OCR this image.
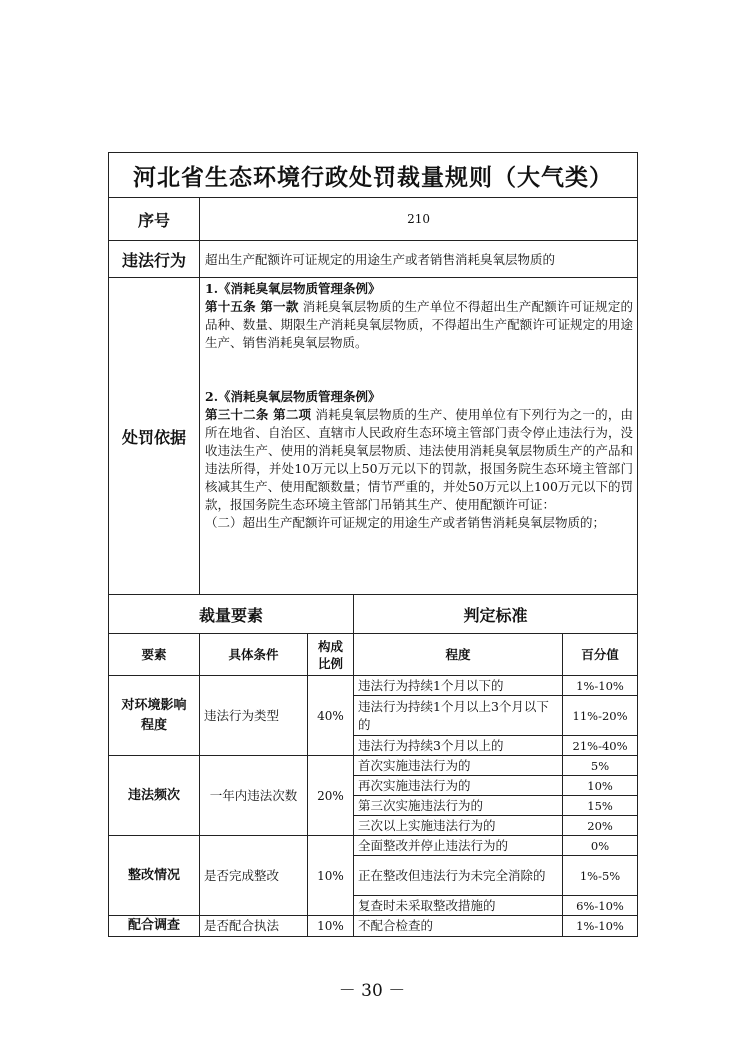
河北省生态环境行政处罚裁量规则（大气类）				
序号	210			
违法行为	超出生产配额许可证规定的用途生产或者销售消耗臭氧层物质的			
处罚依据	1.《消耗臭氧层物质管理条例》
第十五条 第一款 消耗臭氧层物质的生产单位不得超出生产配额许可证规定的品种、数量、期限生产消耗臭氧层物质，不得超出生产配额许可证规定的用途生产、销售消耗臭氧层物质。
2.《消耗臭氧层物质管理条例》
第三十二条 第二项 消耗臭氧层物质的生产、使用单位有下列行为之一的，由所在地省、自治区、直辖市人民政府生态环境主管部门责令停止违法行为，没收违法生产、使用的消耗臭氧层物质、违法使用消耗臭氧层物质生产的产品和违法所得，并处10万元以上50万元以下的罚款，报国务院生态环境主管部门核减其生产、使用配额数量；情节严重的，并处50万元以上100万元以下的罚款，报国务院生态环境主管部门吊销其生产、使用配额许可证：
（二）超出生产配额许可证规定的用途生产或者销售消耗臭氧层物质的；			

裁量要素			判定标准	
要素	具体条件	构成比例	程度	百分值
对环境影响程度	违法行为类型	40%	违法行为持续1个月以下的	1%-10%
			违法行为持续1个月以上3个月以下的	11%-20%
			违法行为持续3个月以上的	21%-40%
违法频次	一年内违法次数	20%	首次实施违法行为的	5%
			再次实施违法行为的	10%
			第三次实施违法行为的	15%
			三次以上实施违法行为的	20%
整改情况	是否完成整改	10%	全面整改并停止违法行为的	0%
			正在整改但违法行为未完全消除的	1%-5%
			复查时未采取整改措施的	6%-10%
配合调查	是否配合执法	10%	不配合检查的	1%-10%
－ 30 －
